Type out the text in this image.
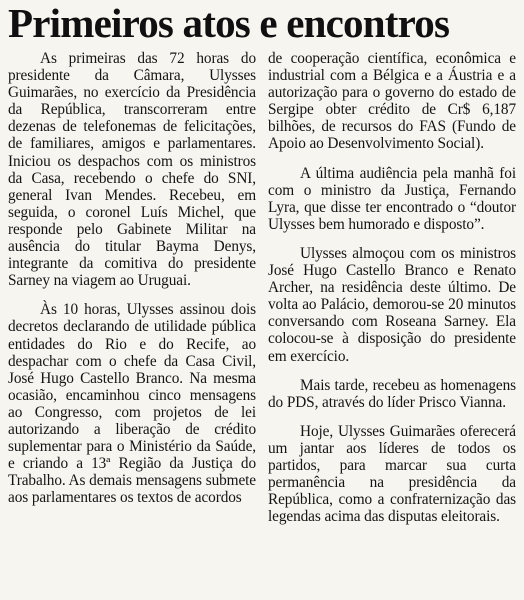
Primeiros atos e encontros

As primeiras das 72 horas do presidente da Câmara, Ulysses Guimarães, no exercício da Presidência da República, transcorreram entre dezenas de telefonemas de felicitações, de familiares, amigos e parlamentares. Iniciou os despachos com os ministros da Casa, recebendo o chefe do SNI, general Ivan Mendes. Recebeu, em seguida, o coronel Luís Michel, que responde pelo Gabinete Militar na ausência do titular Bayma Denys, integrante da comitiva do presidente Sarney na viagem ao Uruguai.

Às 10 horas, Ulysses assinou dois decretos declarando de utilidade pública entidades do Rio e do Recife, ao despachar com o chefe da Casa Civil, José Hugo Castello Branco. Na mesma ocasião, encaminhou cinco mensagens ao Congresso, com projetos de lei autorizando a liberação de crédito suplementar para o Ministério da Saúde, e criando a 13ª Região da Justiça do Trabalho. As demais mensagens submete aos parlamentares os textos de acordos

de cooperação científica, econômica e industrial com a Bélgica e a Áustria e a autorização para o governo do estado de Sergipe obter crédito de Cr$ 6,187 bilhões, de recursos do FAS (Fundo de Apoio ao Desenvolvimento Social).

A última audiência pela manhã foi com o ministro da Justiça, Fernando Lyra, que disse ter encontrado o “doutor Ulysses bem humorado e disposto”.

Ulysses almoçou com os ministros José Hugo Castello Branco e Renato Archer, na residência deste último. De volta ao Palácio, demorou-se 20 minutos conversando com Roseana Sarney. Ela colocou-se à disposição do presidente em exercício.

Mais tarde, recebeu as homenagens do PDS, através do líder Prisco Vianna.

Hoje, Ulysses Guimarães oferecerá um jantar aos líderes de todos os partidos, para marcar sua curta permanência na presidência da República, como a confraternização das legendas acima das disputas eleitorais.
